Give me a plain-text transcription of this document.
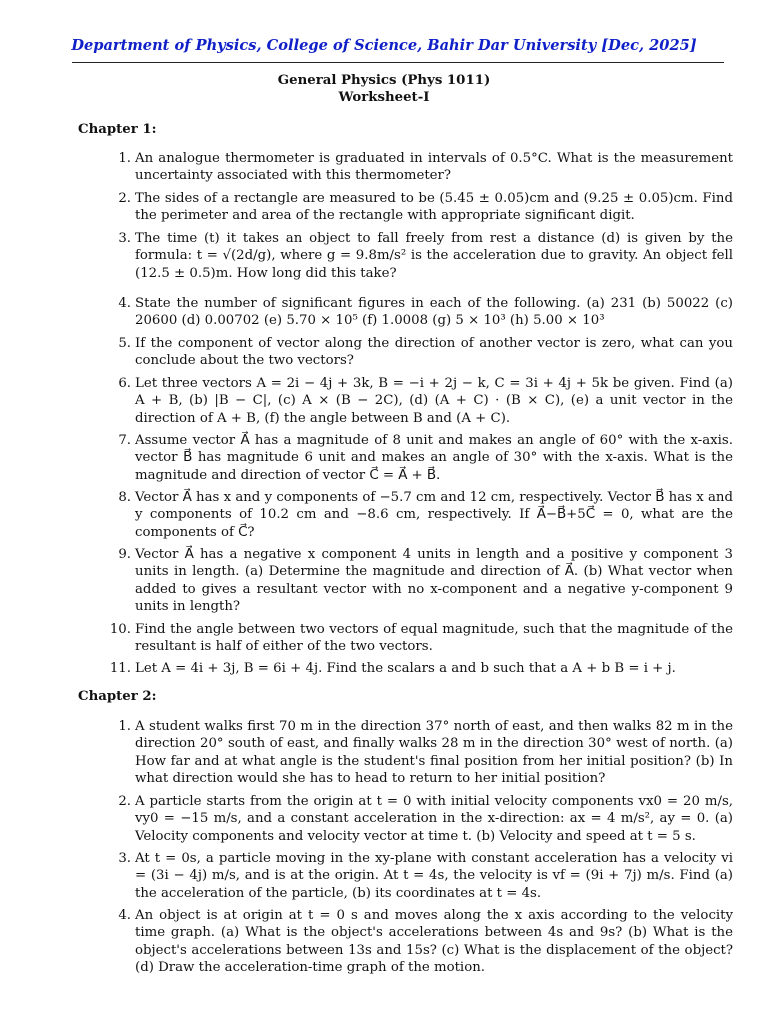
Department of Physics, College of Science, Bahir Dar University [Dec, 2025]
General Physics (Phys 1011)
Worksheet-I
Chapter 1:
1. An analogue thermometer is graduated in intervals of 0.5°C. What is the measurement uncertainty associated with this thermometer?
2. The sides of a rectangle are measured to be (5.45 ± 0.05)cm and (9.25 ± 0.05)cm. Find the perimeter and area of the rectangle with appropriate significant digit.
3. The time (t) it takes an object to fall freely from rest a distance (d) is given by the formula: t = √(2d/g), where g = 9.8m/s² is the acceleration due to gravity. An object fell (12.5 ± 0.5)m. How long did this take?
4. State the number of significant figures in each of the following. (a) 231 (b) 50022 (c) 20600 (d) 0.00702 (e) 5.70 × 10⁵ (f) 1.0008 (g) 5 × 10³ (h) 5.00 × 10³
5. If the component of vector along the direction of another vector is zero, what can you conclude about the two vectors?
6. Let three vectors A = 2i − 4j + 3k, B = −i + 2j − k, C = 3i + 4j + 5k be given. Find (a) A + B, (b) |B − C|, (c) A × (B − 2C), (d) (A + C) · (B × C), (e) a unit vector in the direction of A + B, (f) the angle between B and (A + C).
7. Assume vector A⃗ has a magnitude of 8 unit and makes an angle of 60° with the x-axis. vector B⃗ has magnitude 6 unit and makes an angle of 30° with the x-axis. What is the magnitude and direction of vector C⃗ = A⃗ + B⃗.
8. Vector A⃗ has x and y components of −5.7 cm and 12 cm, respectively. Vector B⃗ has x and y components of 10.2 cm and −8.6 cm, respectively. If A⃗−B⃗+5C⃗ = 0, what are the components of C⃗?
9. Vector A⃗ has a negative x component 4 units in length and a positive y component 3 units in length. (a) Determine the magnitude and direction of A⃗. (b) What vector when added to gives a resultant vector with no x-component and a negative y-component 9 units in length?
10. Find the angle between two vectors of equal magnitude, such that the magnitude of the resultant is half of either of the two vectors.
11. Let A = 4i + 3j, B = 6i + 4j. Find the scalars a and b such that a A + b B = i + j.
Chapter 2:
1. A student walks first 70 m in the direction 37° north of east, and then walks 82 m in the direction 20° south of east, and finally walks 28 m in the direction 30° west of north. (a) How far and at what angle is the student's final position from her initial position? (b) In what direction would she has to head to return to her initial position?
2. A particle starts from the origin at t = 0 with initial velocity components vx0 = 20 m/s, vy0 = −15 m/s, and a constant acceleration in the x-direction: ax = 4 m/s², ay = 0. (a) Velocity components and velocity vector at time t. (b) Velocity and speed at t = 5 s.
3. At t = 0s, a particle moving in the xy-plane with constant acceleration has a velocity vi = (3i − 4j) m/s, and is at the origin. At t = 4s, the velocity is vf = (9i + 7j) m/s. Find (a) the acceleration of the particle, (b) its coordinates at t = 4s.
4. An object is at origin at t = 0 s and moves along the x axis according to the velocity time graph. (a) What is the object's accelerations between 4s and 9s? (b) What is the object's accelerations between 13s and 15s? (c) What is the displacement of the object? (d) Draw the acceleration-time graph of the motion.
